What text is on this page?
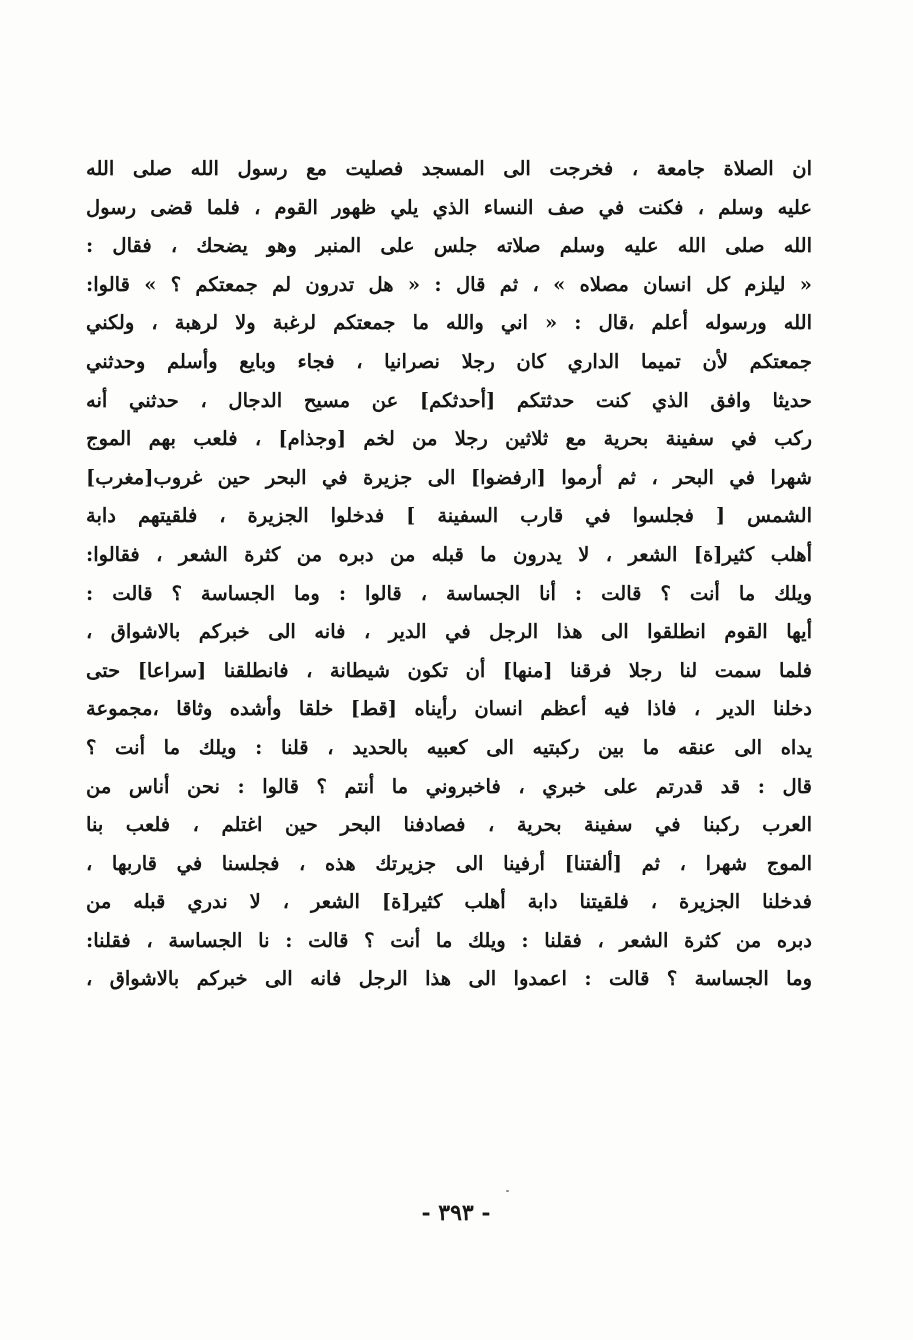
ان الصلاة جامعة ، فخرجت الى المسجد فصليت مع رسول الله صلى الله
عليه وسلم ، فكنت في صف النساء الذي يلي ظهور القوم ، فلما قضى رسول
الله صلى الله عليه وسلم صلاته جلس على المنبر وهو يضحك ، فقال :
« ليلزم كل انسان مصلاه » ، ثم قال : « هل تدرون لم جمعتكم ؟ » قالوا:
الله ورسوله أعلم ،قال : « اني والله ما جمعتكم لرغبة ولا لرهبة ، ولكني
جمعتكم لأن تميما الداري كان رجلا نصرانيا ، فجاء وبايع وأسلم وحدثني
حديثا وافق الذي كنت حدثتكم [أحدثكم] عن مسيح الدجال ، حدثني أنه
ركب في سفينة بحرية مع ثلاثين رجلا من لخم [وجذام] ، فلعب بهم الموج
شهرا في البحر ، ثم أرموا [ارفضوا] الى جزيرة في البحر حين غروب[مغرب]
الشمس [ فجلسوا في قارب السفينة ] فدخلوا الجزيرة ، فلقيتهم دابة
أهلب كثير[ة] الشعر ، لا يدرون ما قبله من دبره من كثرة الشعر ، فقالوا:
ويلك ما أنت ؟ قالت : أنا الجساسة ، قالوا : وما الجساسة ؟ قالت :
أيها القوم انطلقوا الى هذا الرجل في الدير ، فانه الى خبركم بالاشواق ،
فلما سمت لنا رجلا فرقنا [منها] أن تكون شيطانة ، فانطلقنا [سراعا] حتى
دخلنا الدير ، فاذا فيه أعظم انسان رأيناه [قط] خلقا وأشده وثاقا ،مجموعة
يداه الى عنقه ما بين ركبتيه الى كعبيه بالحديد ، قلنا : ويلك ما أنت ؟
قال : قد قدرتم على خبري ، فاخبروني ما أنتم ؟ قالوا : نحن أناس من
العرب ركبنا في سفينة بحرية ، فصادفنا البحر حين اغتلم ، فلعب بنا
الموج شهرا ، ثم [ألفتنا] أرفينا الى جزيرتك هذه ، فجلسنا في قاربها ،
فدخلنا الجزيرة ، فلقيتنا دابة أهلب كثير[ة] الشعر ، لا ندري قبله من
دبره من كثرة الشعر ، فقلنا : ويلك ما أنت ؟ قالت : نا الجساسة ، فقلنا:
وما الجساسة ؟ قالت : اعمدوا الى هذا الرجل فانه الى خبركم بالاشواق ،
- ٣٩٣ -
